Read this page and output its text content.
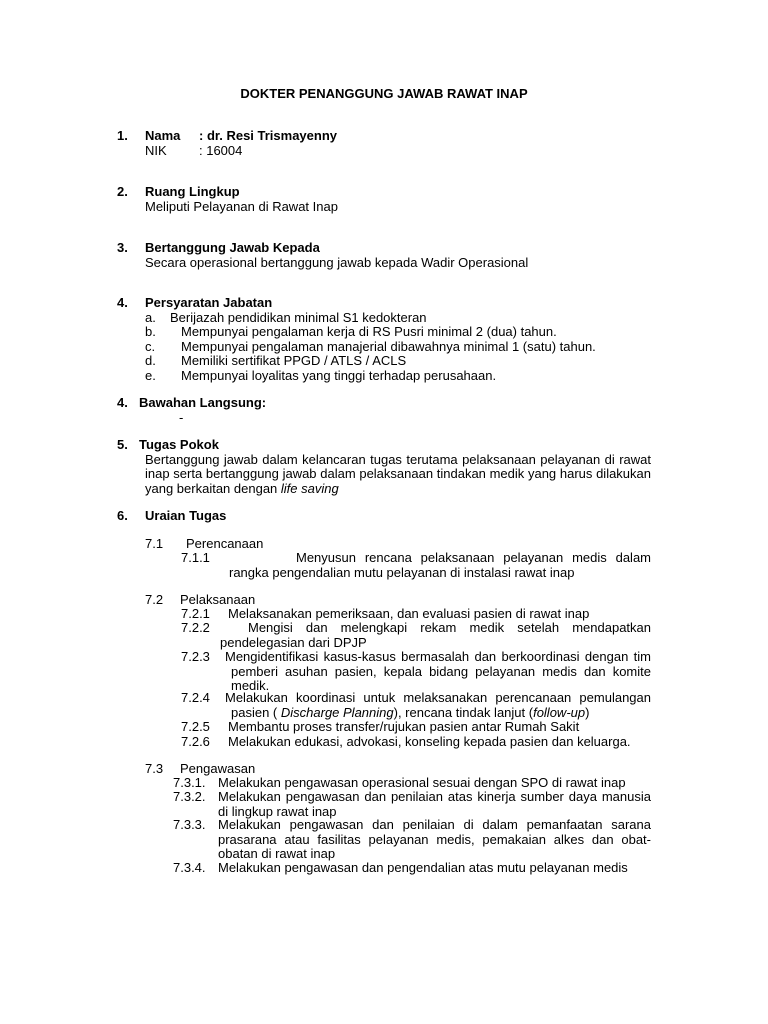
DOKTER PENANGGUNG JAWAB RAWAT INAP
1. Nama : dr. Resi Trismayenny
NIK : 16004
2. Ruang Lingkup
Meliputi Pelayanan di Rawat Inap
3. Bertanggung Jawab Kepada
Secara operasional bertanggung jawab kepada Wadir Operasional
4. Persyaratan Jabatan
a. Berijazah pendidikan minimal S1 kedokteran
b. Mempunyai pengalaman kerja di RS Pusri minimal 2 (dua) tahun.
c. Mempunyai pengalaman manajerial dibawahnya minimal 1 (satu) tahun.
d. Memiliki sertifikat PPGD / ATLS / ACLS
e. Mempunyai loyalitas yang tinggi terhadap perusahaan.
4. Bawahan Langsung:
-
5. Tugas Pokok
Bertanggung jawab dalam kelancaran tugas terutama pelaksanaan pelayanan di rawat inap serta bertanggung jawab dalam pelaksanaan tindakan medik yang harus dilakukan yang berkaitan dengan life saving
6. Uraian Tugas
7.1 Perencanaan
7.1.1	Menyusun rencana pelaksanaan pelayanan medis dalam rangka pengendalian mutu pelayanan di instalasi rawat inap
7.2 Pelaksanaan
7.2.1	Melaksanakan pemeriksaan, dan evaluasi pasien di rawat inap
7.2.2	Mengisi dan melengkapi rekam medik setelah mendapatkan pendelegasian dari DPJP
7.2.3	Mengidentifikasi kasus-kasus bermasalah dan berkoordinasi dengan tim pemberi asuhan pasien, kepala bidang pelayanan medis dan komite medik.
7.2.4	Melakukan koordinasi untuk melaksanakan perencanaan pemulangan pasien ( Discharge Planning), rencana tindak lanjut (follow-up)
7.2.5	Membantu proses transfer/rujukan pasien antar Rumah Sakit
7.2.6	Melakukan edukasi, advokasi, konseling kepada pasien dan keluarga.
7.3 Pengawasan
7.3.1. Melakukan pengawasan operasional sesuai dengan SPO di rawat inap
7.3.2. Melakukan pengawasan dan penilaian atas kinerja sumber daya manusia di lingkup rawat inap
7.3.3. Melakukan pengawasan dan penilaian di dalam pemanfaatan sarana prasarana atau fasilitas pelayanan medis, pemakaian alkes dan obat-obatan di rawat inap
7.3.4. Melakukan pengawasan dan pengendalian atas mutu pelayanan medis
